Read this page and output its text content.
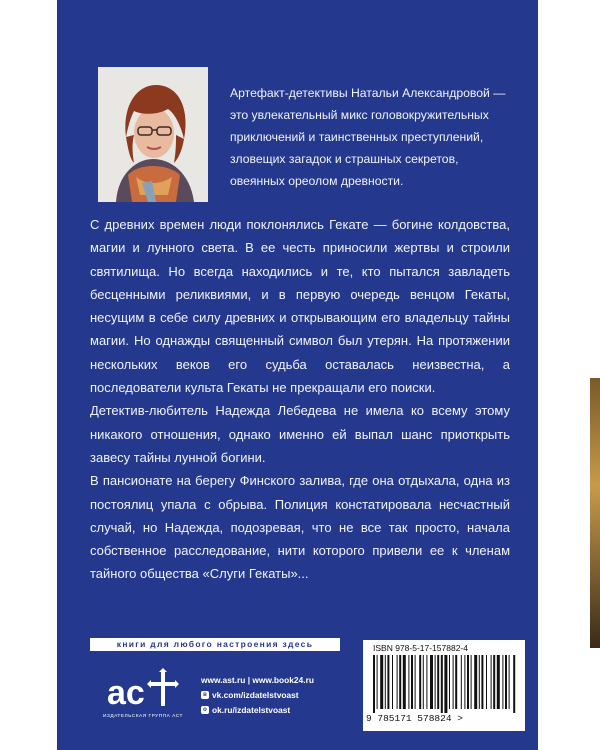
Артефакт-детективы Натальи Александровой —
это увлекательный микс головокружительных
приключений и таинственных преступлений,
зловещих загадок и страшных секретов,
овеянных ореолом древности.

С древних времен люди поклонялись Гекате — богине колдовства, магии и лунного света. В ее честь приносили жертвы и строили святилища. Но всегда находились и те, кто пытался завладеть бесценными реликвиями, и в первую очередь венцом Гекаты, несущим в себе силу древних и открывающим его владельцу тайны магии. Но однажды священный символ был утерян. На протяжении нескольких веков его судьба оставалась неизвестна, а последователи культа Гекаты не прекращали его поиски.

Детектив-любитель Надежда Лебедева не имела ко всему этому никакого отношения, однако именно ей выпал шанс приоткрыть завесу тайны лунной богини.

В пансионате на берегу Финского залива, где она отдыхала, одна из постоялиц упала с обрыва. Полиция констатировала несчастный случай, но Надежда, подозревая, что не все так просто, начала собственное расследование, нити которого привели ее к членам тайного общества «Слуги Гекаты»...

книги для любого настроения здесь
ac
ИЗДАТЕЛЬСКАЯ ГРУППА АСТ
www.ast.ru | www.book24.ru
в vk.com/izdatelstvoast
о ok.ru/izdatelstvoast
ISBN 978-5-17-157882-4
9 785171 578824 >
